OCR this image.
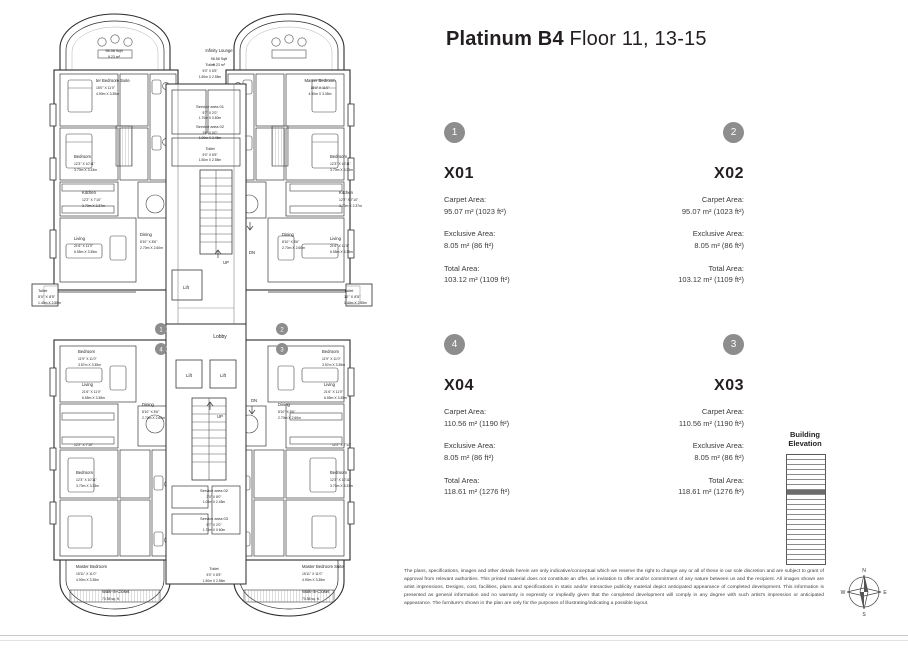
Infinity Lounge
98.58 Sqft
9.23 m²
98.58 Sqft
9.23 m²
ter Bedroom Suite
15'0" X 11'0"
4.90m X 3.35m
Master Bedroom
15'0" X 11'0"
4.90m X 3.35m
Bedroom
12'3" X 10'11"
3.70m X 3.33m
Bedroom
12'3" X 10'11"
3.70m X 3.33m
Kitchen
12'2" X 7'10"
3.70m X 2.37m
Kitchen
12'2" X 7'10"
3.70m X 2.37m
Living
21'6" X 11'0"
6.55m X 3.35m
Living
21'6" X 11'0"
6.55m X 3.35m
Dining
8'10" X 8'6"
2.70m X 2.60m
Dining
8'10" X 8'6"
2.70m X 2.60m
Service area 01
5'7" X 2'0"
1.70m X 0.60m
Service area 02
3'0" X 8'0"
1.00m X 2.45m
Toilet
5'0" X 8'5"
1.50m X 2.55m
Service area 02
3'0" X 8'0"
1.00m X 2.45m
Service area 03
5'7" X 2'0"
1.70m X 0.60m
Toilet
5'0" X 8'5"
1.50m X 2.55m
Toilet
5'0" X 8'5"
1.50m X 2.55m
5'0" X 8'5"
1.40m X 2.55m
Toilet	Toilet
10" X 8'5"
1.40m X 2.55m
Lobby
Lift
Lift	Lift
DN
UP
DN
UP
Bedroom
11'9" X 11'0"
3.57m X 3.35m
Bedroom
11'9" X 11'0"
3.57m X 3.35m
Living
21'6" X 11'0"
6.55m X 3.35m
Living
21'6" X 11'0"
6.55m X 3.35m
Dining
8'10" X 8'6"
2.70m X 2.60m
Dining
8'10" X 8'6"
2.70m X 2.60m
12'2" X 7'10"	12'2" X 7'10"
Bedroom
12'3" X 10'11"
3.70m X 3.33m
Bedroom
12'3" X 10'11"
3.70m X 3.33m
Master Bedroom
15'11" X 11'0"
4.90m X 3.35m
Master Bedroom Suite
15'11" X 11'0"
4.90m X 3.35m
Walk-In-Closet
70.58 sq. ft.
Walk-In-Closet
70.58 sq. ft.
1	2
4	3
Platinum B4 Floor 11, 13-15
1
X01
Carpet Area:
95.07 m² (1023 ft²)
Exclusive Area:
8.05 m² (86 ft²)
Total Area:
103.12 m² (1109 ft²)
2
X02
Carpet Area:
95.07 m² (1023 ft²)
Exclusive Area:
8.05 m² (86 ft²)
Total Area:
103.12 m² (1109 ft²)
4
X04
Carpet Area:
110.56 m² (1190 ft²)
Exclusive Area:
8.05 m² (86 ft²)
Total Area:
118.61 m² (1276 ft²)
3
X03
Carpet Area:
110.56 m² (1190 ft²)
Exclusive Area:
8.05 m² (86 ft²)
Total Area:
118.61 m² (1276 ft²)
Building
Elevation
The plans, specifications, images and other details herein are only indicative/conceptual which we reserve the right to change any or all of these in our sole discretion and are subject to grant of approval from relevant authorities. This printed material does not constitute an offer, an invitation to offer and/or commitment of any nature between us and the recipient. All images shown are artist impressions. Designs, cost, facilities, plans and specifications in static and/or interactive publicity material depict anticipated appearance of completed development. This information is presented as general information and no warranty is expressly or impliedly given that the completed development will comply in any degree with such artist's impression or anticipated appearance. The furniture's shown in the plan are only for the purposes of illustrating/indicating a possible layout.
N
E
S
W
